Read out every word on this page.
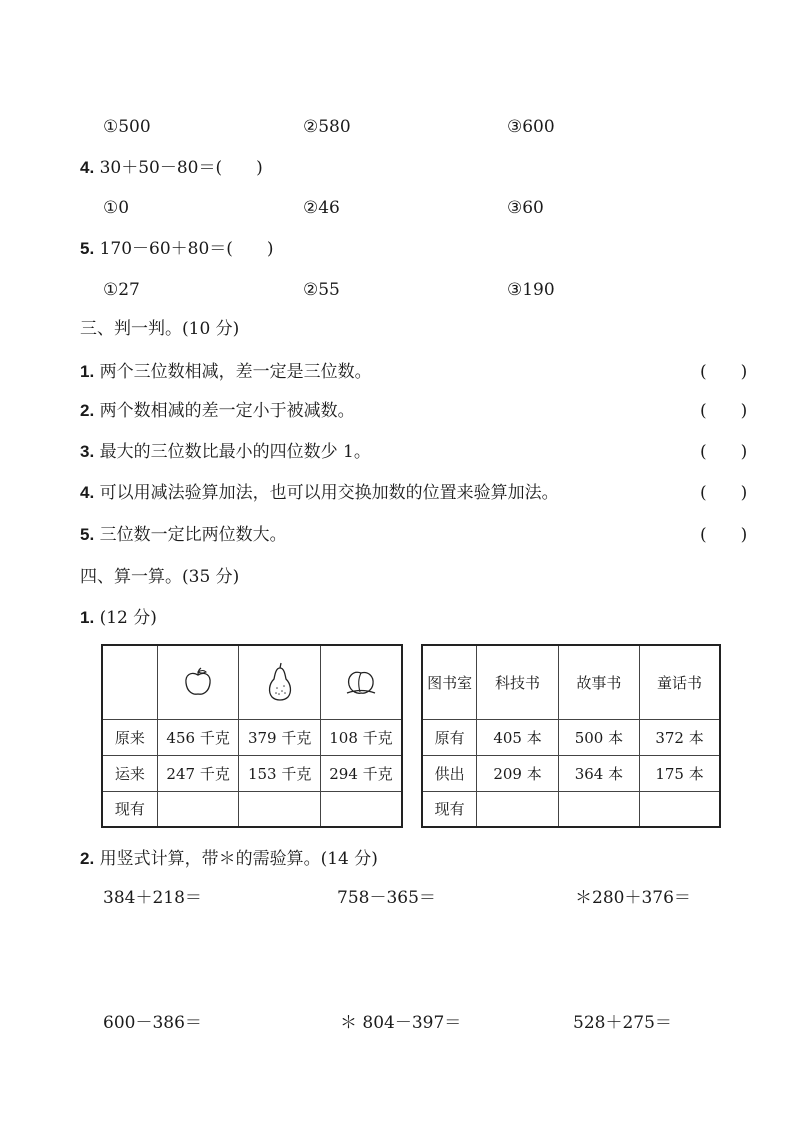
①500	②580	③600
4. 30＋50－80＝(　　)
①0	②46	③60
5. 170－60＋80＝(　　)
①27	②55	③190
三、判一判。(10 分)
1. 两个三位数相减，差一定是三位数。	(　　)
2. 两个数相减的差一定小于被减数。	(　　)
3. 最大的三位数比最小的四位数少 1。	(　　)
4. 可以用减法验算加法，也可以用交换加数的位置来验算加法。	(　　)
5. 三位数一定比两位数大。	(　　)
四、算一算。(35 分)
1. (12 分)

原来	456 千克	379 千克	108 千克
运来	247 千克	153 千克	294 千克
现有			
图书室	科技书	故事书	童话书
原有	405 本	500 本	372 本
供出	209 本	364 本	175 本
现有			
2. 用竖式计算，带＊的需验算。(14 分)
384＋218＝	758－365＝	＊280＋376＝
600－386＝	＊ 804－397＝	528＋275＝
